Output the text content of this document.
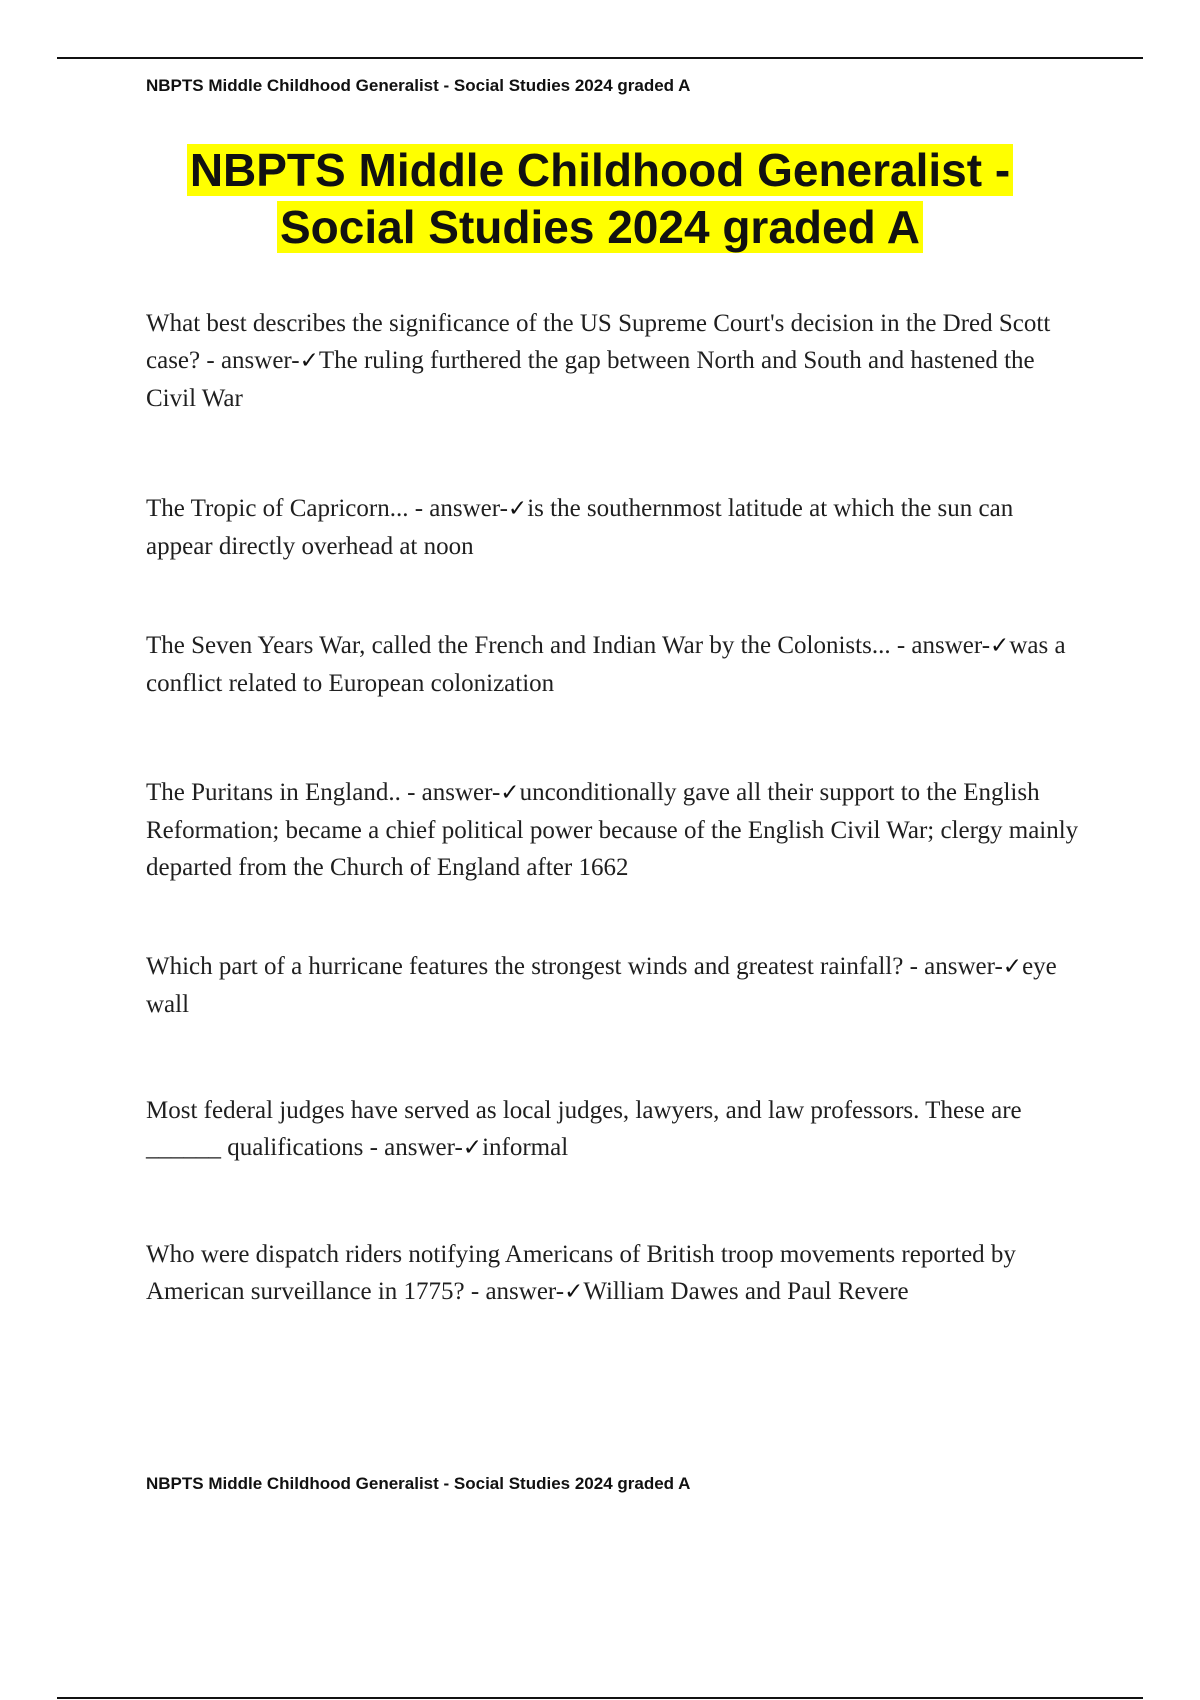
NBPTS Middle Childhood Generalist - Social Studies 2024 graded A
NBPTS Middle Childhood Generalist -
Social Studies 2024 graded A

What best describes the significance of the US Supreme Court's decision in the Dred Scott case? - answer-✓The ruling furthered the gap between North and South and hastened the Civil War

The Tropic of Capricorn... - answer-✓is the southernmost latitude at which the sun can appear directly overhead at noon

The Seven Years War, called the French and Indian War by the Colonists... - answer-✓was a conflict related to European colonization

The Puritans in England.. - answer-✓unconditionally gave all their support to the English Reformation; became a chief political power because of the English Civil War; clergy mainly departed from the Church of England after 1662

Which part of a hurricane features the strongest winds and greatest rainfall? - answer-✓eye wall

Most federal judges have served as local judges, lawyers, and law professors. These are ______ qualifications - answer-✓informal

Who were dispatch riders notifying Americans of British troop movements reported by American surveillance in 1775? - answer-✓William Dawes and Paul Revere

NBPTS Middle Childhood Generalist - Social Studies 2024 graded A
